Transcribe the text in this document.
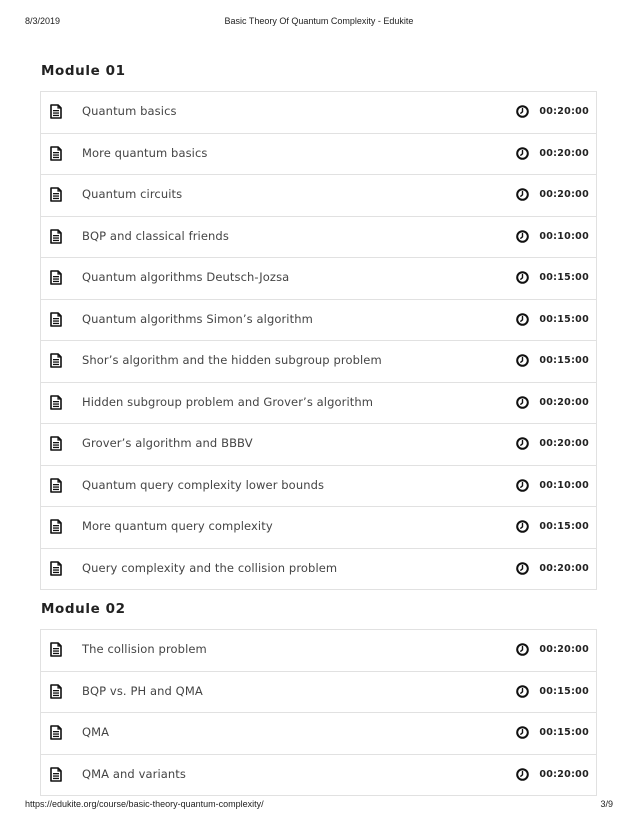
8/3/2019	Basic Theory Of Quantum Complexity - Edukite
Module 01
Quantum basics	00:20:00
More quantum basics	00:20:00
Quantum circuits	00:20:00
BQP and classical friends	00:10:00
Quantum algorithms Deutsch-Jozsa	00:15:00
Quantum algorithms Simon’s algorithm	00:15:00
Shor’s algorithm and the hidden subgroup problem	00:15:00
Hidden subgroup problem and Grover’s algorithm	00:20:00
Grover’s algorithm and BBBV	00:20:00
Quantum query complexity lower bounds	00:10:00
More quantum query complexity	00:15:00
Query complexity and the collision problem	00:20:00
Module 02
The collision problem	00:20:00
BQP vs. PH and QMA	00:15:00
QMA	00:15:00
QMA and variants	00:20:00
https://edukite.org/course/basic-theory-quantum-complexity/	3/9
